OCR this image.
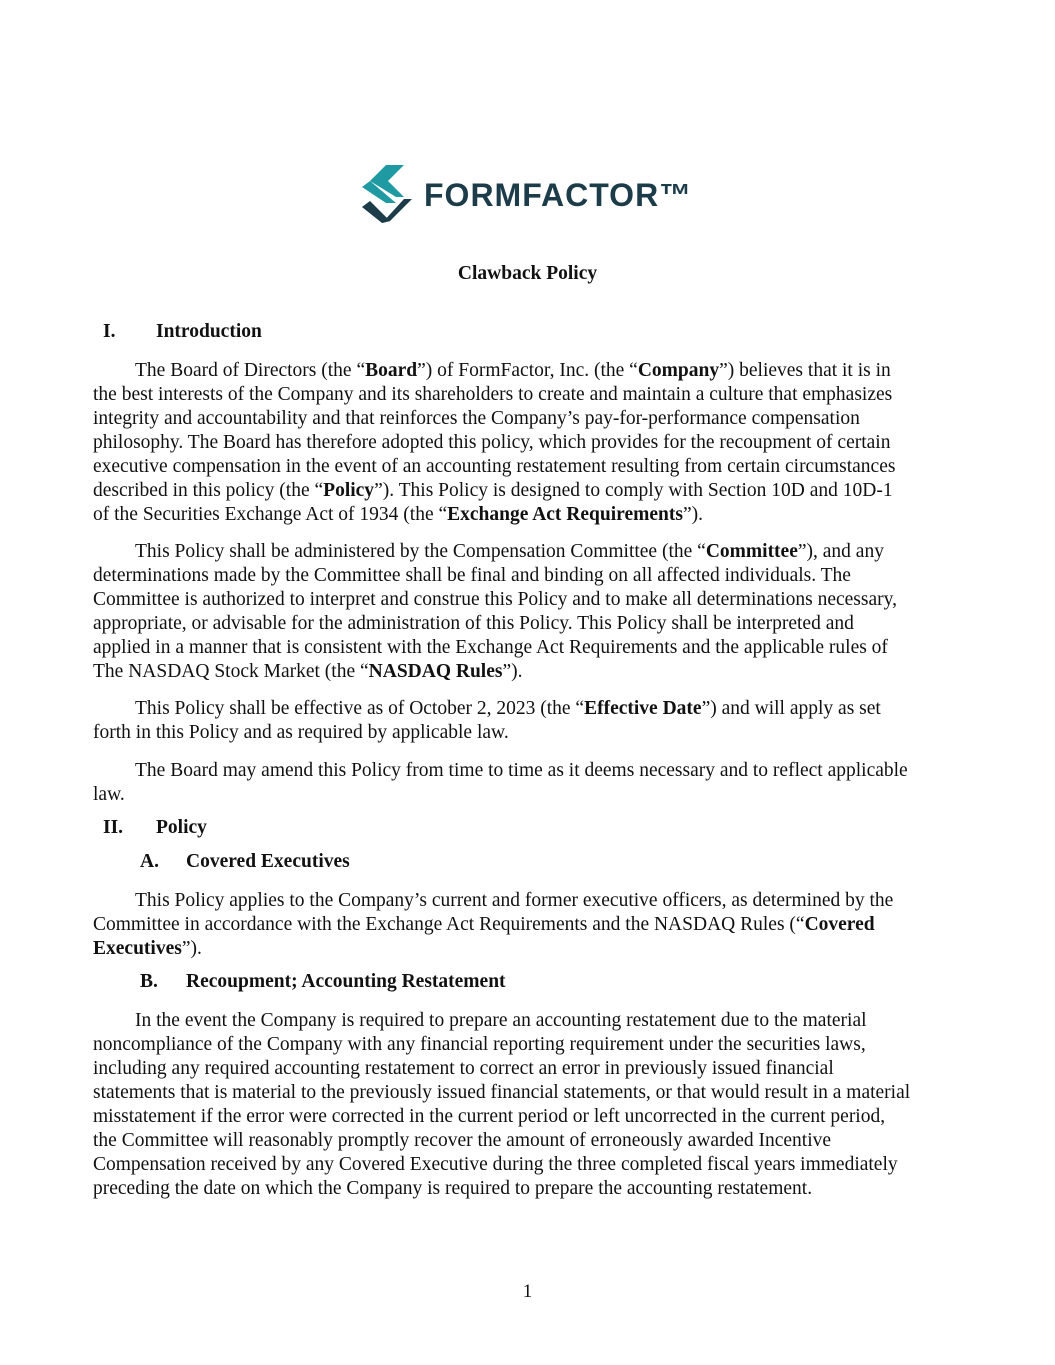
FORMFACTOR™
Clawback Policy
I. Introduction
The Board of Directors (the “Board”) of FormFactor, Inc. (the “Company”) believes that it is in
the best interests of the Company and its shareholders to create and maintain a culture that emphasizes
integrity and accountability and that reinforces the Company’s pay-for-performance compensation
philosophy. The Board has therefore adopted this policy, which provides for the recoupment of certain
executive compensation in the event of an accounting restatement resulting from certain circumstances
described in this policy (the “Policy”). This Policy is designed to comply with Section 10D and 10D-1
of the Securities Exchange Act of 1934 (the “Exchange Act Requirements”).
This Policy shall be administered by the Compensation Committee (the “Committee”), and any
determinations made by the Committee shall be final and binding on all affected individuals. The
Committee is authorized to interpret and construe this Policy and to make all determinations necessary,
appropriate, or advisable for the administration of this Policy. This Policy shall be interpreted and
applied in a manner that is consistent with the Exchange Act Requirements and the applicable rules of
The NASDAQ Stock Market (the “NASDAQ Rules”).
This Policy shall be effective as of October 2, 2023 (the “Effective Date”) and will apply as set
forth in this Policy and as required by applicable law.
The Board may amend this Policy from time to time as it deems necessary and to reflect applicable
law.
II. Policy
A. Covered Executives
This Policy applies to the Company’s current and former executive officers, as determined by the
Committee in accordance with the Exchange Act Requirements and the NASDAQ Rules (“Covered
Executives”).
B. Recoupment; Accounting Restatement
In the event the Company is required to prepare an accounting restatement due to the material
noncompliance of the Company with any financial reporting requirement under the securities laws,
including any required accounting restatement to correct an error in previously issued financial
statements that is material to the previously issued financial statements, or that would result in a material
misstatement if the error were corrected in the current period or left uncorrected in the current period,
the Committee will reasonably promptly recover the amount of erroneously awarded Incentive
Compensation received by any Covered Executive during the three completed fiscal years immediately
preceding the date on which the Company is required to prepare the accounting restatement.
1
